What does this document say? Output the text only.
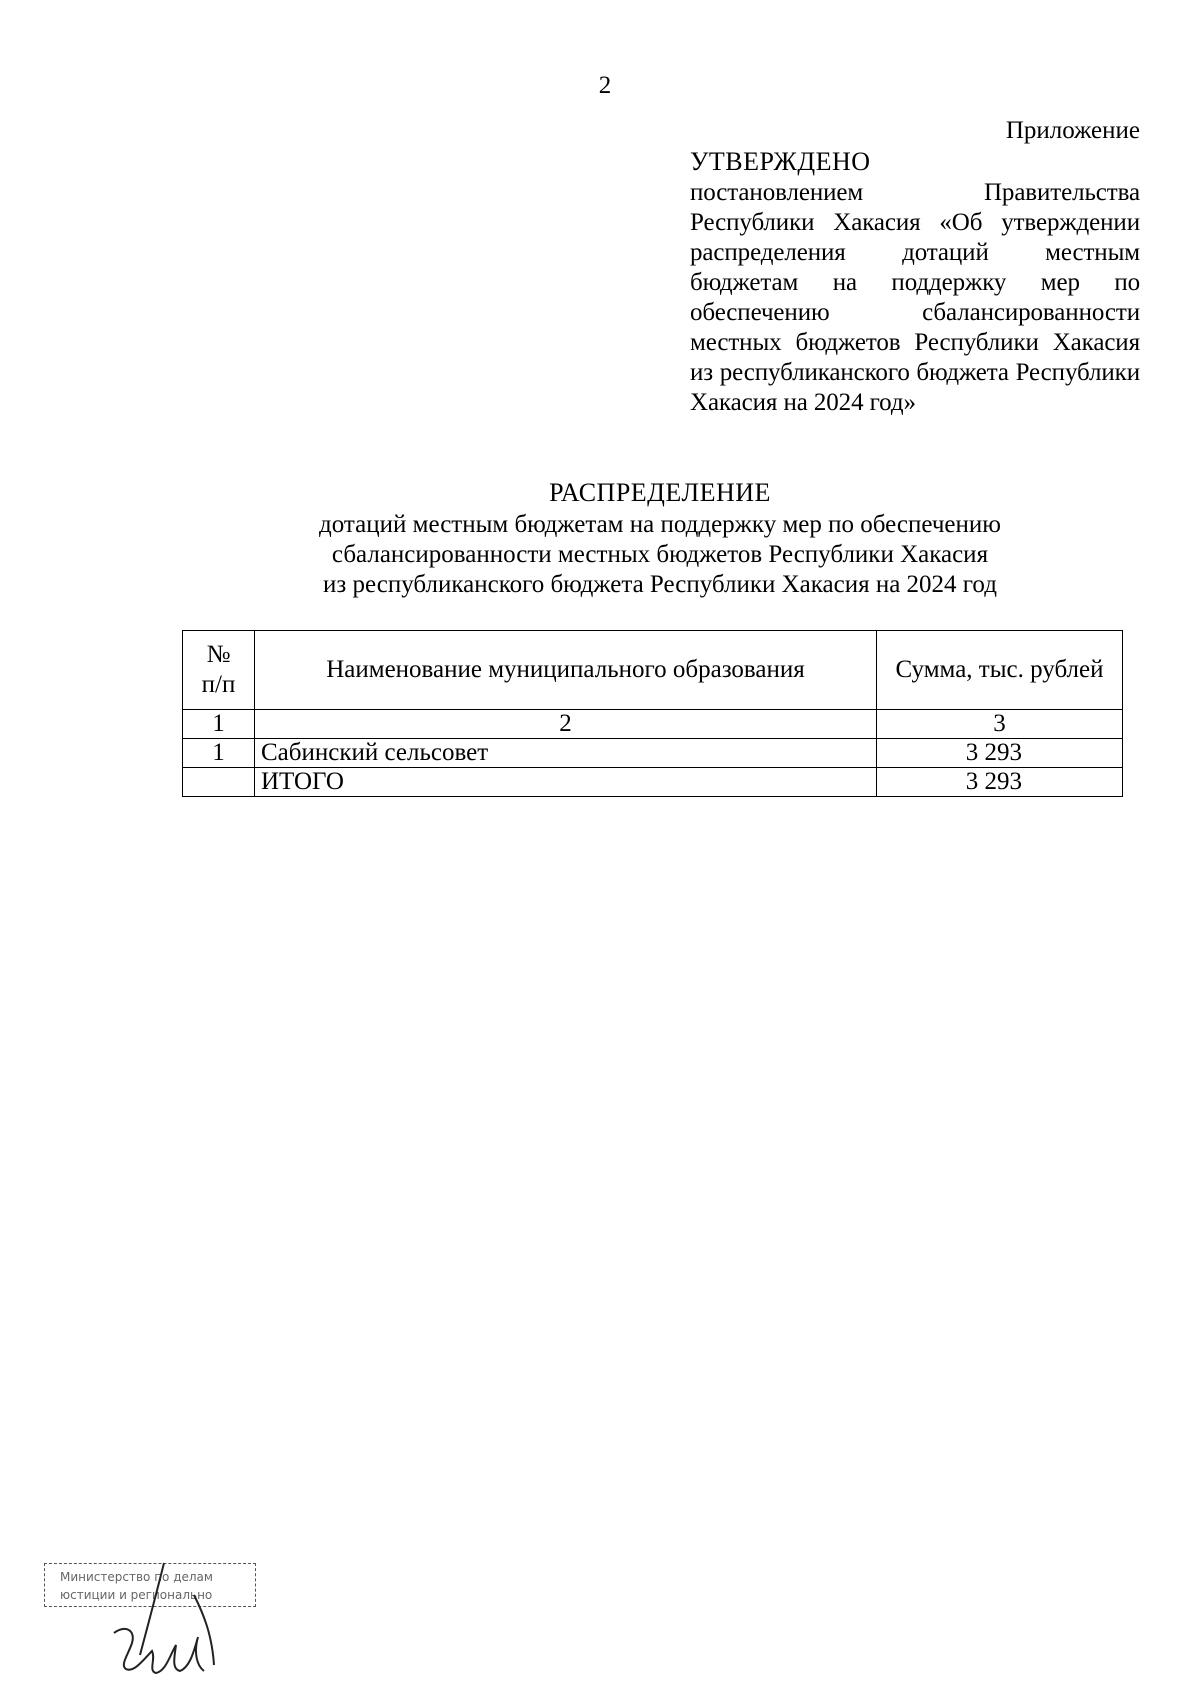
2
Приложение
УТВЕРЖДЕНО
постановлением Правительства Республики Хакасия «Об утверждении распределения дотаций местным бюджетам на поддержку мер по обеспечению сбалансированности местных бюджетов Республики Хакасия из республиканского бюджета Республики Хакасия на 2024 год»
РАСПРЕДЕЛЕНИЕ
дотаций местным бюджетам на поддержку мер по обеспечению
сбалансированности местных бюджетов Республики Хакасия
из республиканского бюджета Республики Хакасия на 2024 год
№
п/п	Наименование муниципального образования	Сумма, тыс. рублей
1	2	3
1	Сабинский сельсовет	3 293
	ИТОГО	3 293
Министерство по делам
юстиции и регионально
